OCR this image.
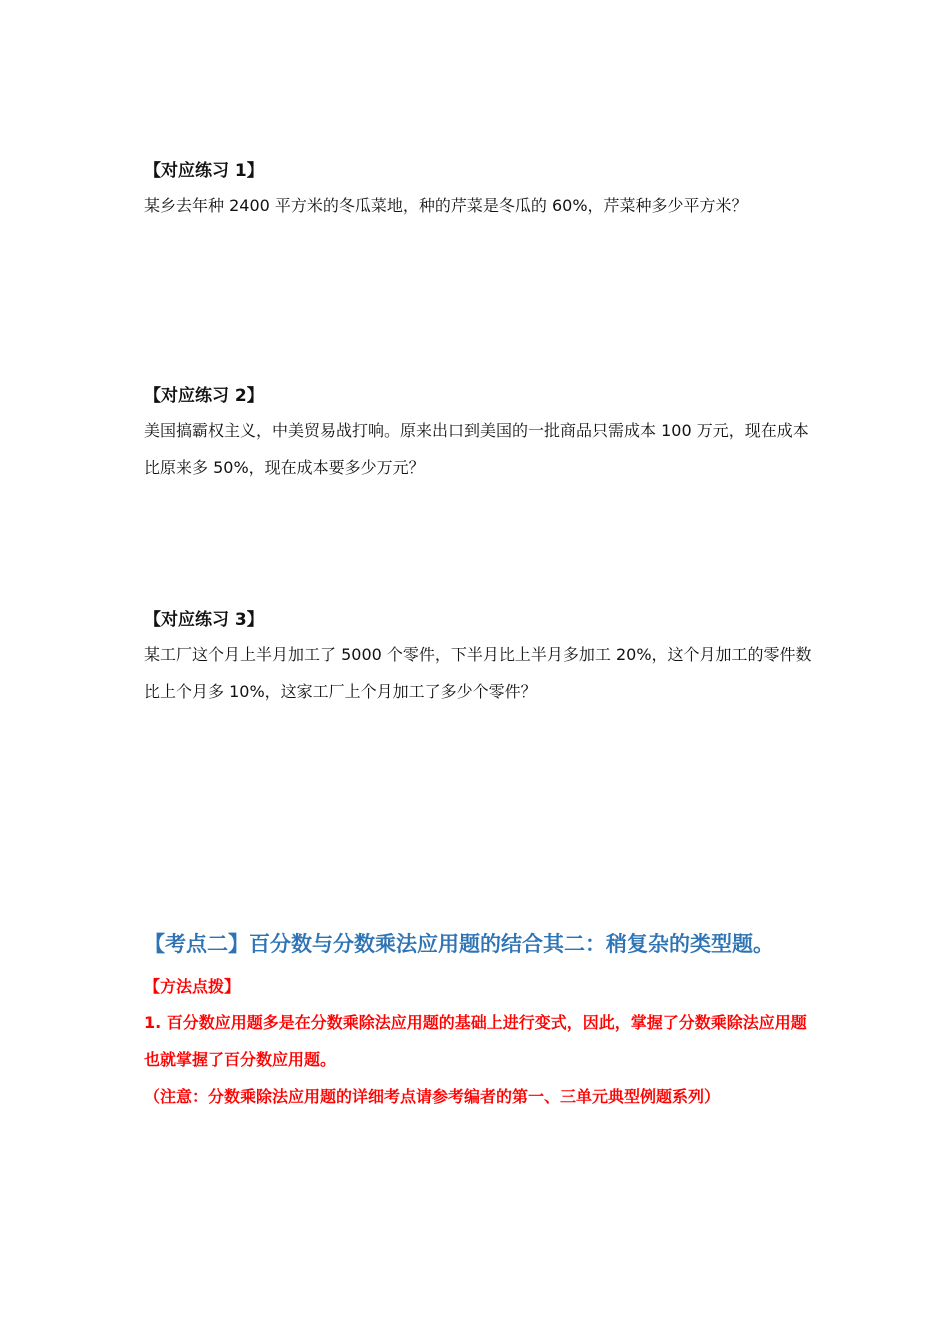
【对应练习 1】

某乡去年种 2400 平方米的冬瓜菜地，种的芹菜是冬瓜的 60%，芹菜种多少平方米？

【对应练习 2】

美国搞霸权主义，中美贸易战打响。原来出口到美国的一批商品只需成本 100 万元，现在成本比原来多 50%，现在成本要多少万元？

【对应练习 3】

某工厂这个月上半月加工了 5000 个零件，下半月比上半月多加工 20%，这个月加工的零件数比上个月多 10%，这家工厂上个月加工了多少个零件？

【考点二】百分数与分数乘法应用题的结合其二：稍复杂的类型题。

【方法点拨】

1. 百分数应用题多是在分数乘除法应用题的基础上进行变式，因此，掌握了分数乘除法应用题也就掌握了百分数应用题。

（注意：分数乘除法应用题的详细考点请参考编者的第一、三单元典型例题系列）
